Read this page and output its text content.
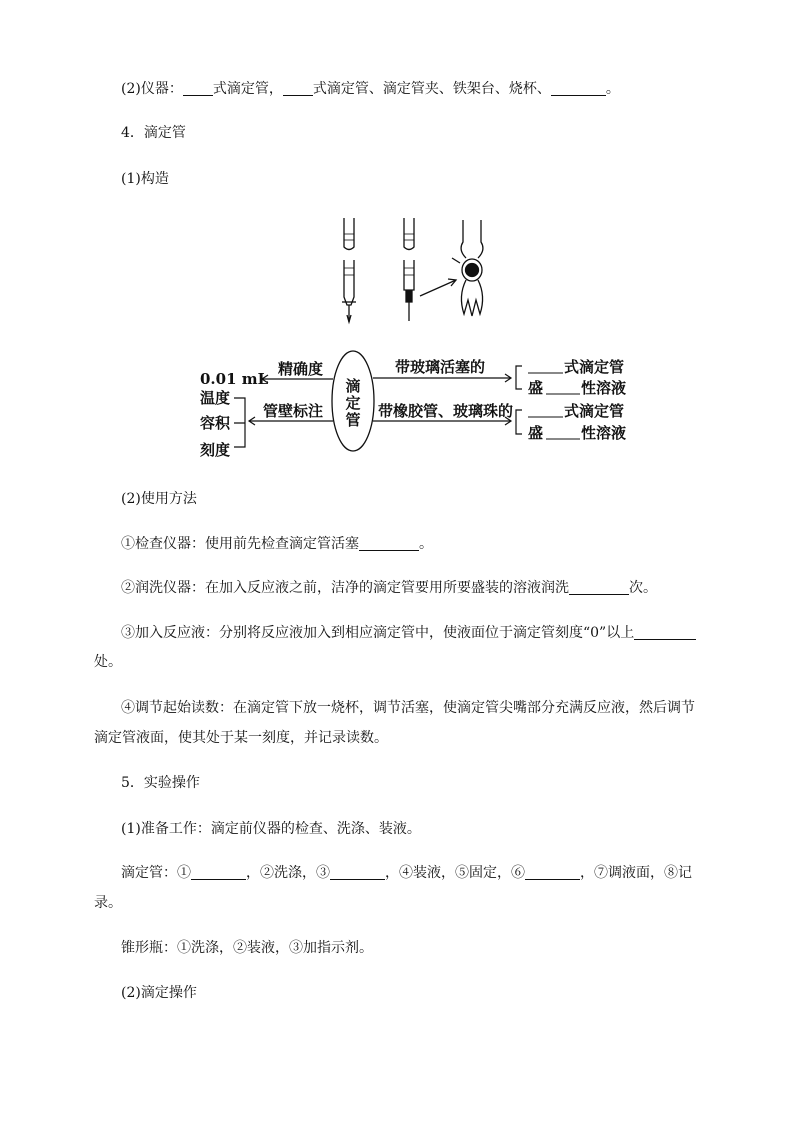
(2)仪器： 式滴定管， 式滴定管、滴定管夹、铁架台、烧杯、	。
4．滴定管
(1)构造
滴
定
管
精确度
0.01 mL
温度
容积
刻度
管壁标注
带玻璃活塞的	式滴定管
盛	性溶液
带橡胶管、玻璃珠的	式滴定管
盛	性溶液
(2)使用方法
①检查仪器：使用前先检查滴定管活塞	。
②润洗仪器：在加入反应液之前，洁净的滴定管要用所要盛装的溶液润洗	次。
③加入反应液：分别将反应液加入到相应滴定管中，使液面位于滴定管刻度“0”以上
处。
④调节起始读数：在滴定管下放一烧杯，调节活塞，使滴定管尖嘴部分充满反应液，然后调节
滴定管液面，使其处于某一刻度，并记录读数。
5．实验操作
(1)准备工作：滴定前仪器的检查、洗涤、装液。
滴定管：①	，②洗涤，③	，④装液，⑤固定，⑥	，⑦调液面，⑧记
录。
锥形瓶：①洗涤，②装液，③加指示剂。
(2)滴定操作
